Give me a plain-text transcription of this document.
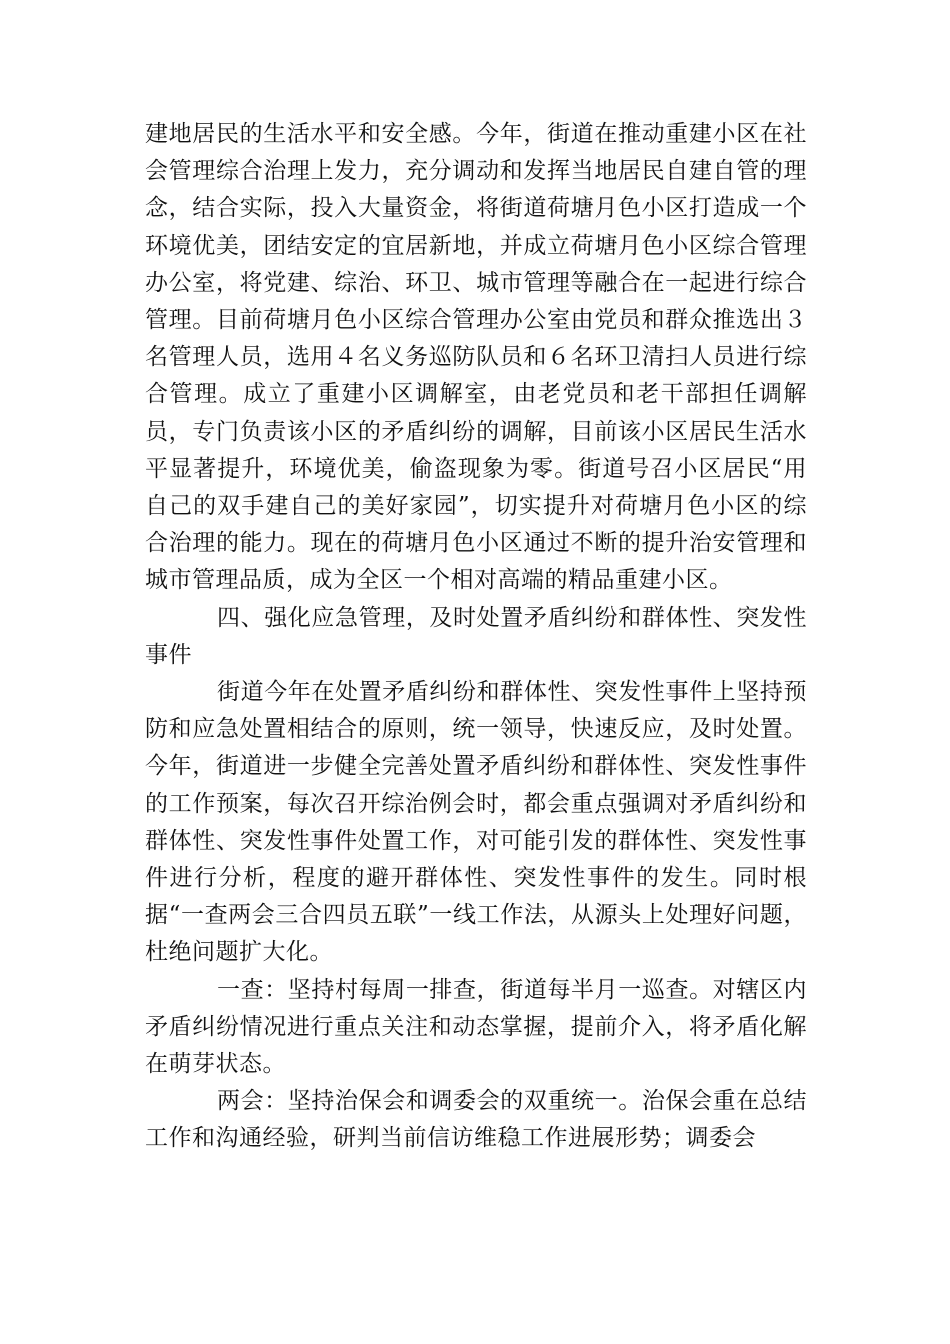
建地居民的生活水平和安全感。今年，街道在推动重建小区在社会管理综合治理上发力，充分调动和发挥当地居民自建自管的理念，结合实际，投入大量资金，将街道荷塘月色小区打造成一个环境优美，团结安定的宜居新地，并成立荷塘月色小区综合管理办公室，将党建、综治、环卫、城市管理等融合在一起进行综合管理。目前荷塘月色小区综合管理办公室由党员和群众推选出３名管理人员，选用４名义务巡防队员和６名环卫清扫人员进行综合管理。成立了重建小区调解室，由老党员和老干部担任调解员，专门负责该小区的矛盾纠纷的调解，目前该小区居民生活水平显著提升，环境优美，偷盗现象为零。街道号召小区居民“用自己的双手建自己的美好家园”，切实提升对荷塘月色小区的综合治理的能力。现在的荷塘月色小区通过不断的提升治安管理和城市管理品质，成为全区一个相对高端的精品重建小区。

四、强化应急管理，及时处置矛盾纠纷和群体性、突发性事件

街道今年在处置矛盾纠纷和群体性、突发性事件上坚持预防和应急处置相结合的原则，统一领导，快速反应，及时处置。今年，街道进一步健全完善处置矛盾纠纷和群体性、突发性事件的工作预案，每次召开综治例会时，都会重点强调对矛盾纠纷和群体性、突发性事件处置工作，对可能引发的群体性、突发性事件进行分析，程度的避开群体性、突发性事件的发生。同时根据“一查两会三合四员五联”一线工作法，从源头上处理好问题，杜绝问题扩大化。

一查：坚持村每周一排查，街道每半月一巡查。对辖区内矛盾纠纷情况进行重点关注和动态掌握，提前介入，将矛盾化解在萌芽状态。

两会：坚持治保会和调委会的双重统一。治保会重在总结工作和沟通经验，研判当前信访维稳工作进展形势；调委会
